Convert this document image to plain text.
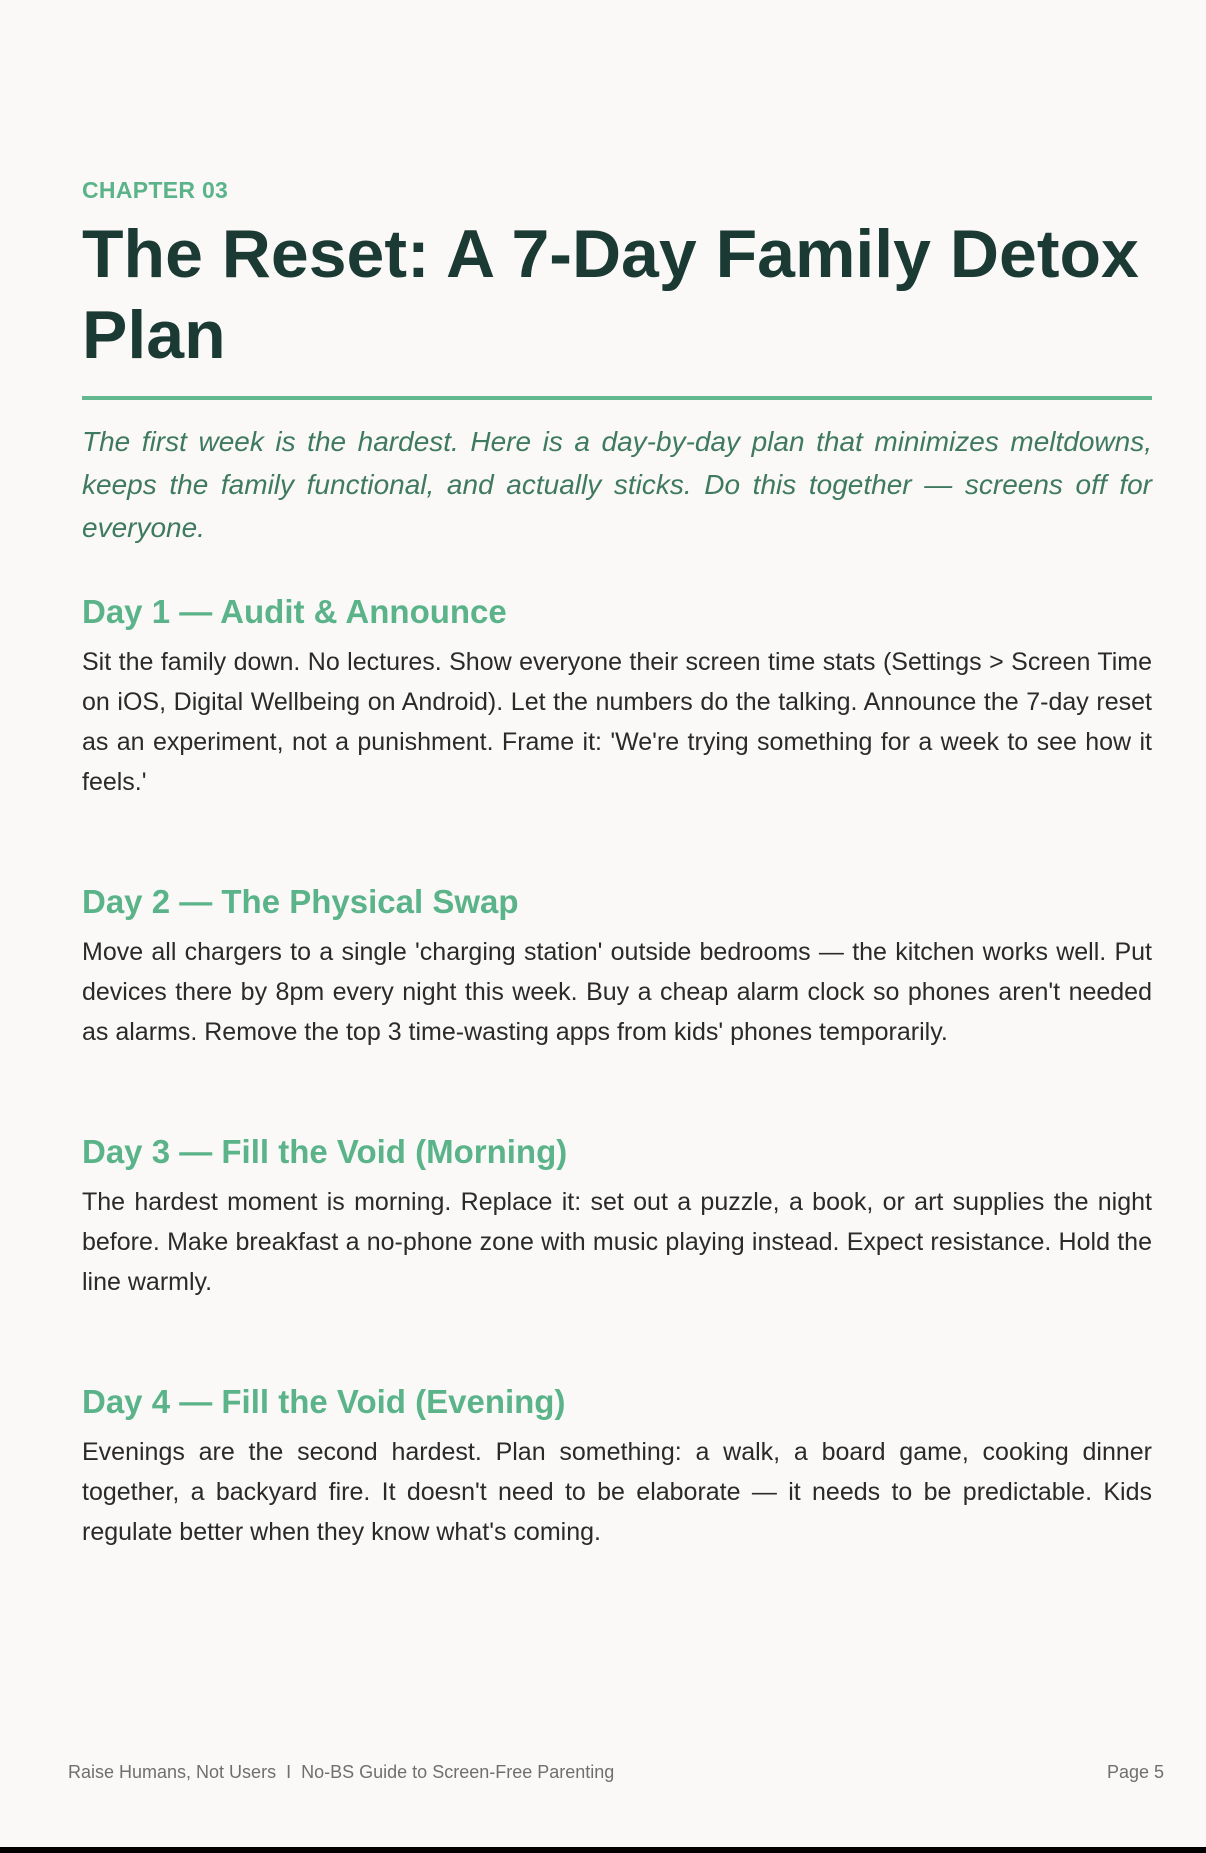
CHAPTER 03

The Reset: A 7-Day Family Detox Plan

The first week is the hardest. Here is a day-by-day plan that minimizes meltdowns, keeps the family functional, and actually sticks. Do this together — screens off for everyone.

Day 1 — Audit & Announce

Sit the family down. No lectures. Show everyone their screen time stats (Settings > Screen Time on iOS, Digital Wellbeing on Android). Let the numbers do the talking. Announce the 7-day reset as an experiment, not a punishment. Frame it: 'We're trying something for a week to see how it feels.'

Day 2 — The Physical Swap

Move all chargers to a single 'charging station' outside bedrooms — the kitchen works well. Put devices there by 8pm every night this week. Buy a cheap alarm clock so phones aren't needed as alarms. Remove the top 3 time-wasting apps from kids' phones temporarily.

Day 3 — Fill the Void (Morning)

The hardest moment is morning. Replace it: set out a puzzle, a book, or art supplies the night before. Make breakfast a no-phone zone with music playing instead. Expect resistance. Hold the line warmly.

Day 4 — Fill the Void (Evening)

Evenings are the second hardest. Plan something: a walk, a board game, cooking dinner together, a backyard fire. It doesn't need to be elaborate — it needs to be predictable. Kids regulate better when they know what's coming.

Raise Humans, Not Users I No-BS Guide to Screen-Free Parenting	Page 5
